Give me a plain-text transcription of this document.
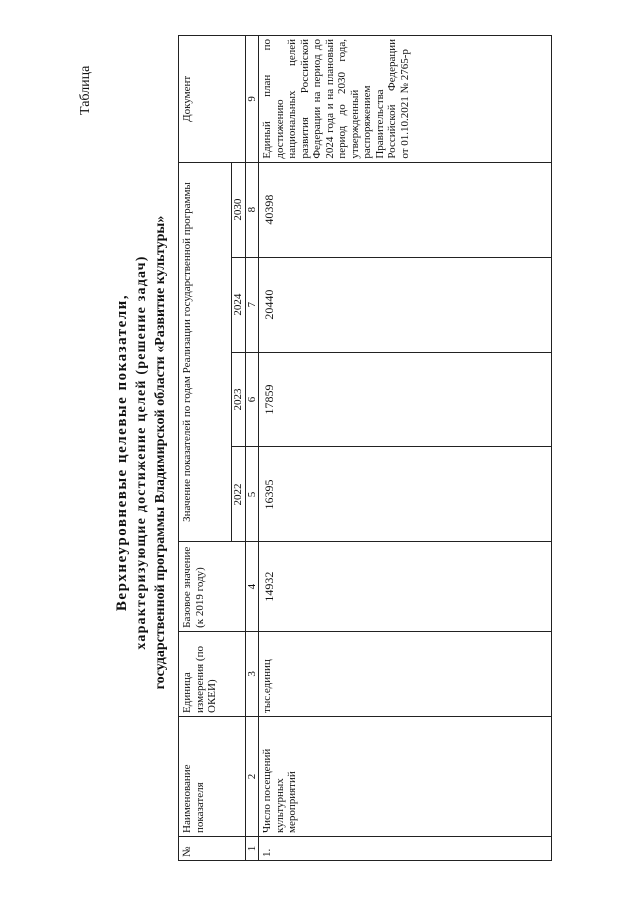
Таблица
Верхнеуровневые целевые показатели, характеризующие достижение целей (решение задач) государственной программы Владимирской области «Развитие культуры»
№	Наименование показателя	Единица измерения (по ОКЕИ)	Базовое значение (к 2019 году)	Значение показателей по годам Реализации государственной программы				Документ
				2022	2023	2024	2030	
1	2	3	4	5	6	7	8	9
1.	Число посещений культурных мероприятий	тыс.единиц	14932	16395	17859	20440	40398	Единый план по достижению национальных целей развития Российской Федерации на период до 2024 года и на плановый период до 2030 года, утвержденный распоряжением Правительства Российской Федерации от 01.10.2021 № 2765-р
